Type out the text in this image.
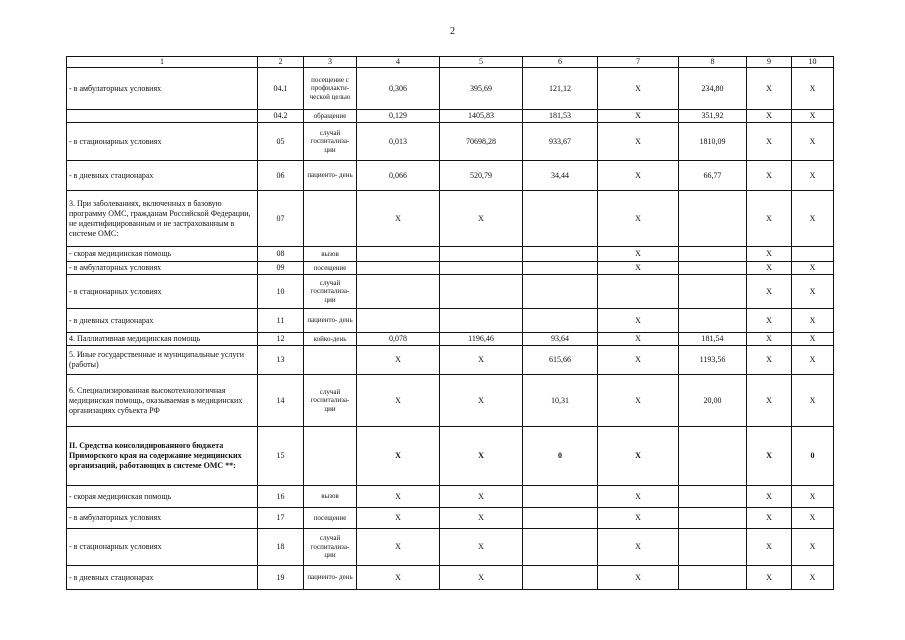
2
1	2	3	4	5	6	7	8	9	10
- в амбулаторных условиях	04.1	посещение с профилакти- ческой целью	0,306	395,69	121,12	X	234,80	X	X
	04.2	обращение	0,129	1405,83	181,53	X	351,92	X	X
- в стационарных условиях	05	случай госпитализа- ции	0,013	70698,28	933,67	X	1810,09	X	X
- в дневных стационарах	06	пациенто- день	0,066	520,79	34,44	X	66,77	X	X
3. При заболеваниях, включенных в базовую программу ОМС, гражданам Российской Федерации, не идентифицированным и не застрахованным в системе ОМС:	07		X	X		X		X	X
- скорая медицинская помощь	08	вызов				X		X	
- в амбулаторных условиях	09	посещение				X		X	X
- в стационарных условиях	10	случай госпитализа- ции						X	X
- в дневных стационарах	11	пациенто- день				X		X	X
4. Паллиативная медицинская помощь	12	койко-день	0,078	1196,46	93,64	X	181,54	X	X
5. Иные государственные и муниципальные услуги (работы)	13		X	X	615,66	X	1193,56	X	X
6. Специализированная высокотехнологичная медицинская помощь, оказываемая в медицинских организациях субъекта РФ	14	случай госпитализа- ции	X	X	10,31	X	20,00	X	X
II. Средства консолидированного бюджета Приморского края на содержание медицинских организаций, работающих в системе ОМС **:	15		X	X	0	X		X	0
- скорая медицинская помощь	16	вызов	X	X		X		X	X
- в амбулаторных условиях	17	посещение	X	X		X		X	X
- в стационарных условиях	18	случай госпитализа- ции	X	X		X		X	X
- в дневных стационарах	19	пациенто- день	X	X		X		X	X
